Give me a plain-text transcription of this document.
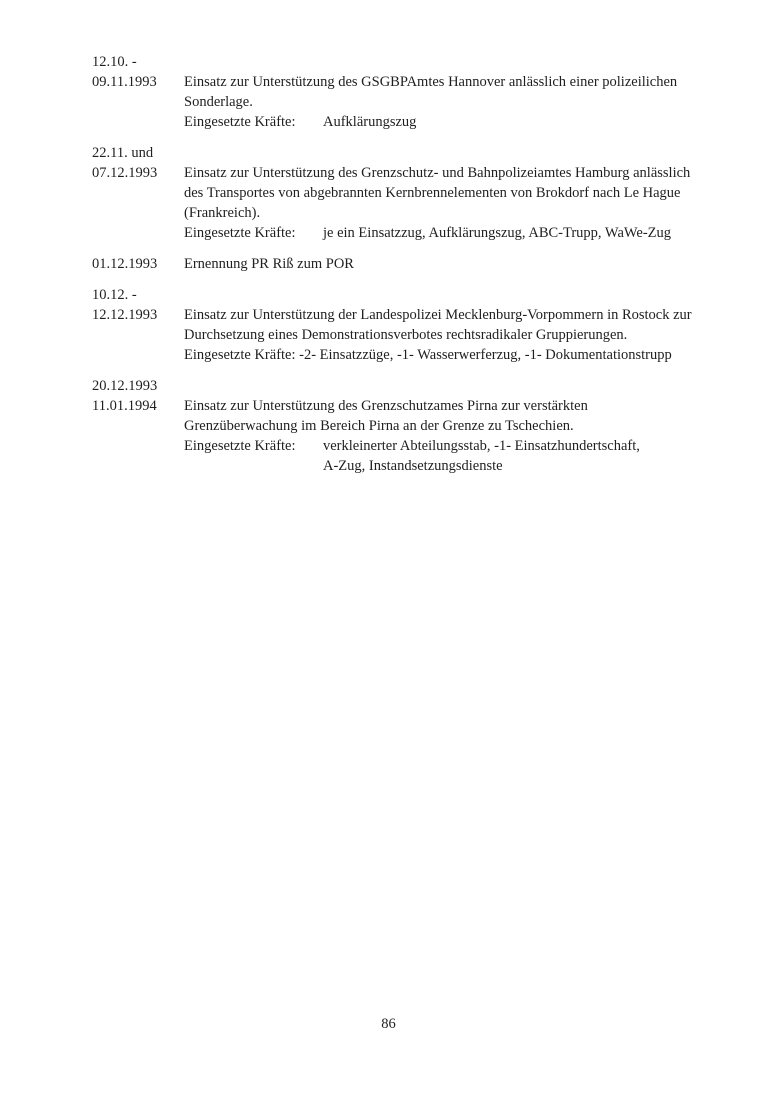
12.10. -
09.11.1993	Einsatz zur Unterstützung des GSGBPAmtes Hannover anlässlich einer polizeilichen
Sonderlage.
Eingesetzte Kräfte: Aufklärungszug
22.11. und
07.12.1993	Einsatz zur Unterstützung des Grenzschutz- und Bahnpolizeiamtes Hamburg anlässlich
des Transportes von abgebrannten Kernbrennelementen von Brokdorf nach Le Hague
(Frankreich).
Eingesetzte Kräfte: je ein Einsatzzug, Aufklärungszug, ABC-Trupp, WaWe-Zug
01.12.1993	Ernennung PR Riß zum POR
10.12. -
12.12.1993	Einsatz zur Unterstützung der Landespolizei Mecklenburg-Vorpommern in Rostock zur
Durchsetzung eines Demonstrationsverbotes rechtsradikaler Gruppierungen.
Eingesetzte Kräfte: -2- Einsatzzüge, -1- Wasserwerferzug, -1- Dokumentationstrupp
20.12.1993
11.01.1994	Einsatz zur Unterstützung des Grenzschutzames Pirna zur verstärkten
Grenzüberwachung im Bereich Pirna an der Grenze zu Tschechien.
Eingesetzte Kräfte: verkleinerter Abteilungsstab, -1- Einsatzhundertschaft,
A-Zug, Instandsetzungsdienste
86
